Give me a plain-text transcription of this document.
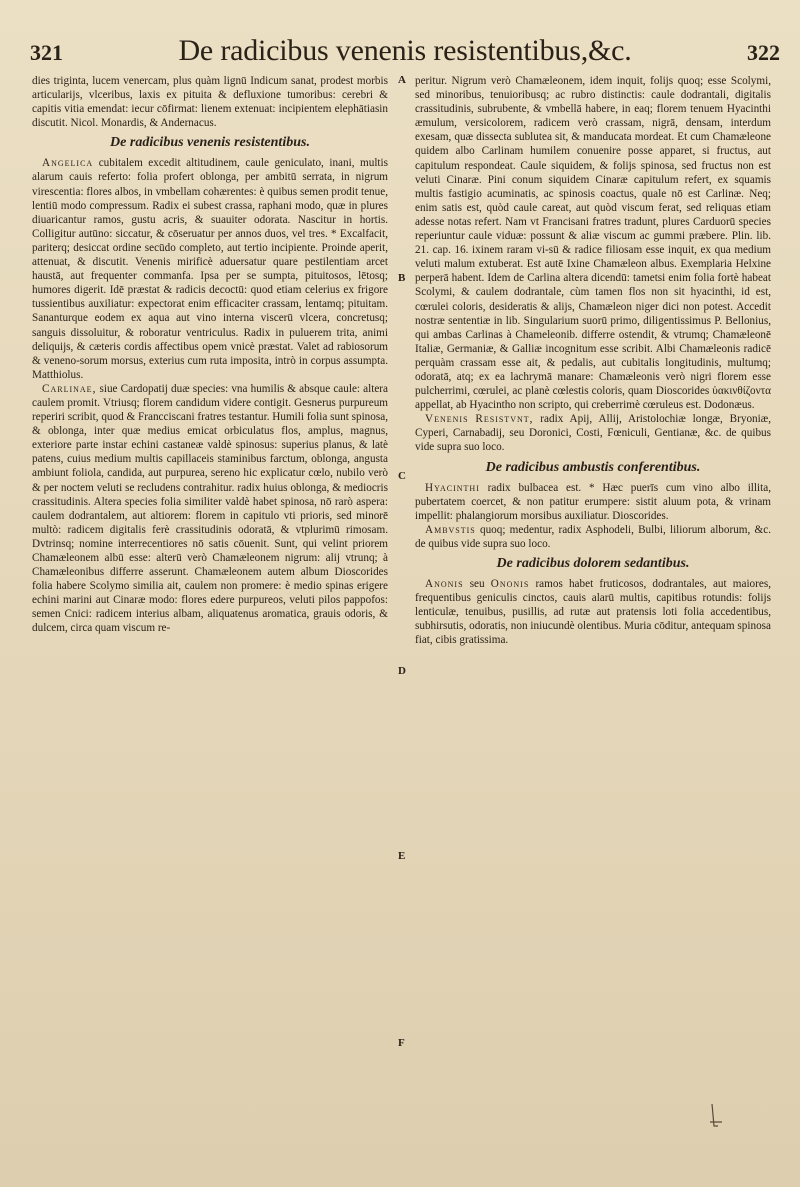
321	De radicibus venenis resistentibus,&c.	322
A
B
C
D
E
F

dies triginta, lucem venercam, plus quàm lignū Indicum sanat, prodest morbis articularijs, vlceribus, laxis ex pituita & defluxione tumoribus: cerebri & capitis vitia emendat: iecur cōfirmat: lienem extenuat: incipientem elephātiasin discutit. Nicol. Monardis, & Andernacus.

De radicibus venenis resistentibus.

Angelica cubitalem excedit altitudinem, caule geniculato, inani, multis alarum cauis referto: folia profert oblonga, per ambitū serrata, in nigrum virescentia: flores albos, in vmbellam cohærentes: è quibus semen prodit tenue, lentiū modo compressum. Radix ei subest crassa, raphani modo, quæ in plures diuaricantur ramos, gustu acris, & suauiter odorata. Nascitur in hortis. Colligitur autūno: siccatur, & cōseruatur per annos duos, vel tres. * Excalfacit, pariterq; desiccat ordine secūdo completo, aut tertio incipiente. Proinde aperit, attenuat, & discutit. Venenis mirificè aduersatur quare pestilentiam arcet haustā, aut frequenter commanfa. Ipsa per se sumpta, pituitosos, lētosq; humores digerit. Idē præstat & radicis decoctū: quod etiam celerius ex frigore tussientibus auxiliatur: expectorat enim efficaciter crassam, lentamq; pituitam. Sananturque eodem ex aqua aut vino interna viscerū vlcera, concretusq; sanguis dissoluitur, & roboratur ventriculus. Radix in puluerem trita, animi deliquijs, & cæteris cordis affectibus opem vnicè præstat. Valet ad rabiosorum & veneno-sorum morsus, exterius cum ruta imposita, intrò in corpus assumpta. Matthiolus.

Carlinae, siue Cardopatij duæ species: vna humilis & absque caule: altera caulem promit. Vtriusq; florem candidum videre contigit. Gesnerus purpureum reperiri scribit, quod & Francciscani fratres testantur. Humili folia sunt spinosa, & oblonga, inter quæ medius emicat orbiculatus flos, amplus, magnus, exteriore parte instar echini castaneæ valdè spinosus: superius planus, & latè patens, cuius medium multis capillaceis staminibus farctum, oblonga, angusta ambiunt foliola, candida, aut purpurea, sereno hic explicatur cœlo, nubilo verò & per noctem veluti se recludens contrahitur. radix huius oblonga, & mediocris crassitudinis. Altera species folia similiter valdè habet spinosa, nō rarò aspera: caulem dodrantalem, aut altiorem: florem in capitulo vti prioris, sed minorē multò: radicem digitalis ferè crassitudinis odoratā, & vtplurimū rimosam. Dvtrinsq; nomine interrecentiores nō satis cōuenit. Sunt, qui velint priorem Chamæleonem albū esse: alterū verò Chamæleonem nigrum: alij vtrunq; à Chamæleonibus differre asserunt. Chamæleonem autem album Dioscorides folia habere Scolymo similia ait, caulem non promere: è medio spinas erigere echini marini aut Cinaræ modo: flores edere purpureos, veluti pilos pappofos: semen Cnici: radicem interius albam, aliquatenus aromatica, grauis odoris, & dulcem, circa quam viscum re-

peritur. Nigrum verò Chamæleonem, idem inquit, folijs quoq; esse Scolymi, sed minoribus, tenuioribusq; ac rubro distinctis: caule dodrantali, digitalis crassitudinis, subrubente, & vmbellā habere, in eaq; florem tenuem Hyacinthi æmulum, versicolorem, radicem verò crassam, nigrā, densam, interdum exesam, quæ dissecta sublutea sit, & manducata mordeat. Et cum Chamæleone quidem albo Carlinam humilem conuenire posse apparet, si fructus, aut capitulum respondeat. Caule siquidem, & folijs spinosa, sed fructus non est veluti Cinaræ. Pini conum siquidem Cinaræ capitulum refert, ex squamis multis fastigio acuminatis, ac spinosis coactus, quale nō est Carlinæ. Neq; enim satis est, quòd caule careat, aut quòd viscum ferat, sed reliquas etiam adesse notas refert. Nam vt Francisani fratres tradunt, plures Carduorū species reperiuntur caule viduæ: possunt & aliæ viscum ac gummi præbere. Plin. lib. 21. cap. 16. ixinem raram vi-sū & radice filiosam esse inquit, ex qua medium veluti malum extuberat. Est autē Ixine Chamæleon albus. Exemplaria Helxine perperā habent. Idem de Carlina altera dicendū: tametsi enim folia fortè habeat Scolymi, & caulem dodrantale, cùm tamen flos non sit hyacinthi, id est, cœrulei coloris, desideratis & alijs, Chamæleon niger dici non potest. Accedit nostræ sententiæ in lib. Singularium suorū primo, diligentissimus P. Bellonius, qui ambas Carlinas à Chameleonib. differre ostendit, & vtrumq; Chamæleonē Italiæ, Germaniæ, & Galliæ incognitum esse scribit. Albi Chamæleonis radicē perquàm crassam esse ait, & pedalis, aut cubitalis longitudinis, multumq; odoratā, atq; ex ea lachrymā manare: Chamæleonis verò nigri florem esse pulcherrimi, cœrulei, ac planè cœlestis coloris, quam Dioscorides ὑακινθίζοντα appellat, ab Hyacintho non scripto, qui creberrimè cœruleus est. Dodonæus.

Venenis Resistvnt, radix Apij, Allij, Aristolochiæ longæ, Bryoniæ, Cyperi, Carnabadij, seu Doronici, Costi, Fœniculi, Gentianæ, &c. de quibus vide supra suo loco.

De radicibus ambustis conferentibus.

Hyacinthi radix bulbacea est. * Hæc puerīs cum vino albo illita, pubertatem coercet, & non patitur erumpere: sistit aluum pota, & vrinam impellit: phalangiorum morsibus auxiliatur. Dioscorides.

Ambvstis quoq; medentur, radix Asphodeli, Bulbi, liliorum alborum, &c. de quibus vide supra suo loco.

De radicibus dolorem sedantibus.

Anonis seu Ononis ramos habet fruticosos, dodrantales, aut maiores, frequentibus geniculis cinctos, cauis alarū multis, capitibus rotundis: folijs lenticulæ, tenuibus, pusillis, ad rutæ aut pratensis loti folia accedentibus, subhirsutis, odoratis, non iniucundè olentibus. Muria cōditur, antequam spinosa fiat, cibis gratissima.
